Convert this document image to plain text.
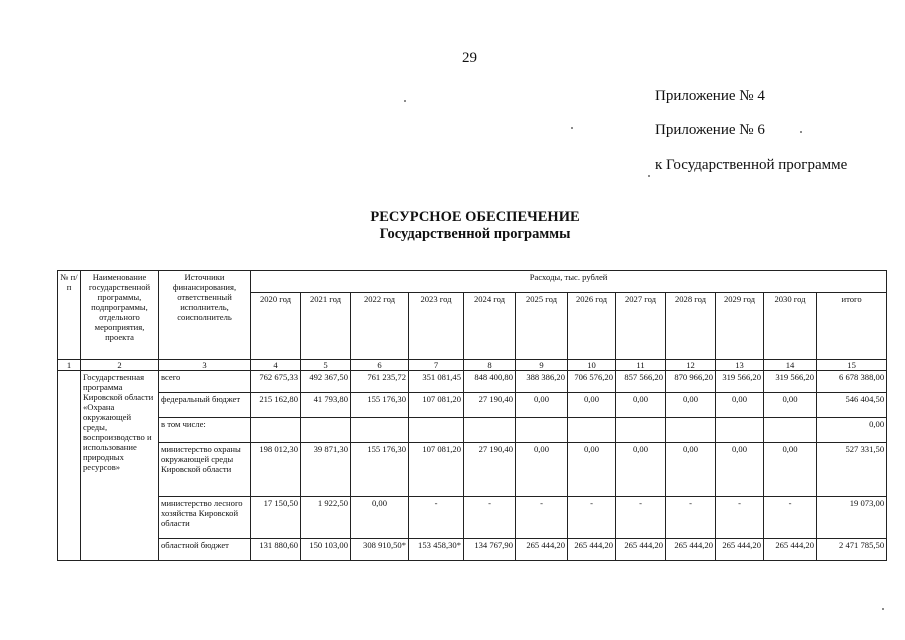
29
Приложение № 4
Приложение № 6
к Государственной программе
РЕСУРСНОЕ ОБЕСПЕЧЕНИЕ
Государственной программы
№ п/п	Наименование государственной программы, подпрограммы, отдельного мероприятия, проекта	Источники финансирования, ответственный исполнитель, соисполнитель	Расходы, тыс. рублей											
			2020 год	2021 год	2022 год	2023 год	2024 год	2025 год	2026 год	2027 год	2028 год	2029 год	2030 год	итого
1	2	3	4	5	6	7	8	9	10	11	12	13	14	15
	Государственная программа Кировской области «Охрана окружающей среды, воспроизводство и использование природных ресурсов»	всего	762 675,33	492 367,50	761 235,72	351 081,45	848 400,80	388 386,20	706 576,20	857 566,20	870 966,20	319 566,20	319 566,20	6 678 388,00
		федеральный бюджет	215 162,80	41 793,80	155 176,30	107 081,20	27 190,40	0,00	0,00	0,00	0,00	0,00	0,00	546 404,50
		в том числе:												0,00
		министерство охраны окружающей среды Кировской области	198 012,30	39 871,30	155 176,30	107 081,20	27 190,40	0,00	0,00	0,00	0,00	0,00	0,00	527 331,50
		министерство лесного хозяйства Кировской области	17 150,50	1 922,50	0,00	-	-	-	-	-	-	-	-	19 073,00
		областной бюджет	131 880,60	150 103,00	308 910,50*	153 458,30*	134 767,90	265 444,20	265 444,20	265 444,20	265 444,20	265 444,20	265 444,20	2 471 785,50
